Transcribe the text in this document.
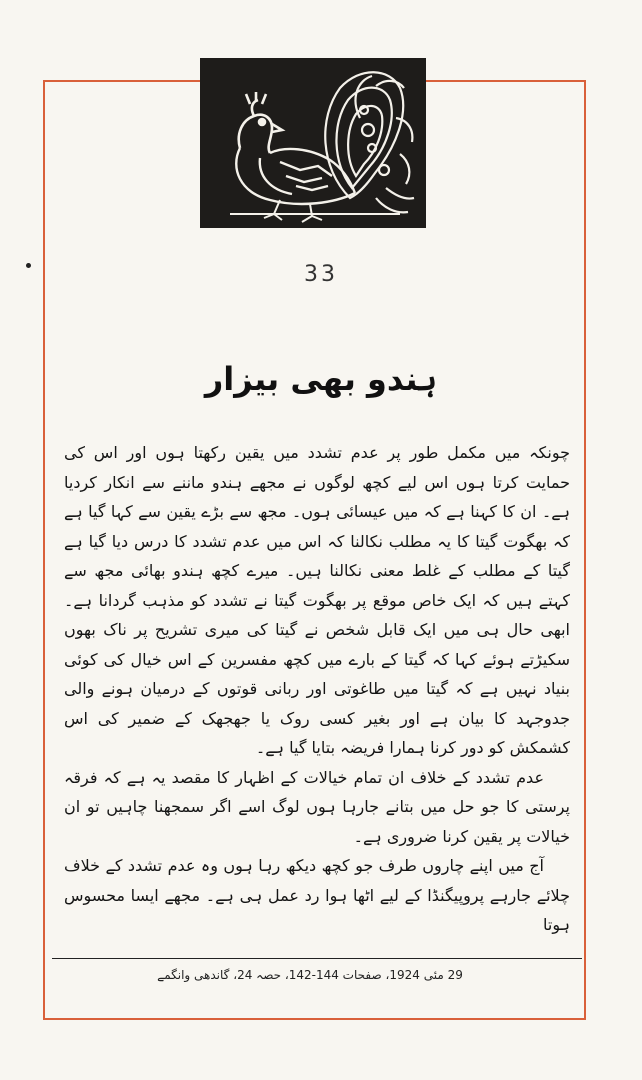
33
ہندو بھی بیزار

چونکہ میں مکمل طور پر عدم تشدد میں یقین رکھتا ہوں اور اس کی حمایت کرتا ہوں اس لیے کچھ لوگوں نے مجھے ہندو ماننے سے انکار کردیا ہے۔ ان کا کہنا ہے کہ میں عیسائی ہوں۔ مجھ سے بڑے یقین سے کہا گیا ہے کہ بھگوت گیتا کا یہ مطلب نکالنا کہ اس میں عدم تشدد کا درس دیا گیا ہے گیتا کے مطلب کے غلط معنی نکالنا ہیں۔ میرے کچھ ہندو بھائی مجھ سے کہتے ہیں کہ ایک خاص موقع پر بھگوت گیتا نے تشدد کو مذہب گردانا ہے۔ ابھی حال ہی میں ایک قابل شخص نے گیتا کی میری تشریح پر ناک بھوں سکیڑتے ہوئے کہا کہ گیتا کے بارے میں کچھ مفسرین کے اس خیال کی کوئی بنیاد نہیں ہے کہ گیتا میں طاغوتی اور ربانی قوتوں کے درمیان ہونے والی جدوجہد کا بیان ہے اور بغیر کسی روک یا جھجھک کے ضمیر کی اس کشمکش کو دور کرنا ہمارا فریضہ بتایا گیا ہے۔

عدم تشدد کے خلاف ان تمام خیالات کے اظہار کا مقصد یہ ہے کہ فرقہ پرستی کا جو حل میں بتانے جارہا ہوں لوگ اسے اگر سمجھنا چاہیں تو ان خیالات پر یقین کرنا ضروری ہے۔

آج میں اپنے چاروں طرف جو کچھ دیکھ رہا ہوں وہ عدم تشدد کے خلاف چلائے جارہے پروپیگنڈا کے لیے اٹھا ہوا رد عمل ہی ہے۔ مجھے ایسا محسوس ہوتا

29 مئی 1924، صفحات 144-142، حصہ 24، گاندھی وانگمے
